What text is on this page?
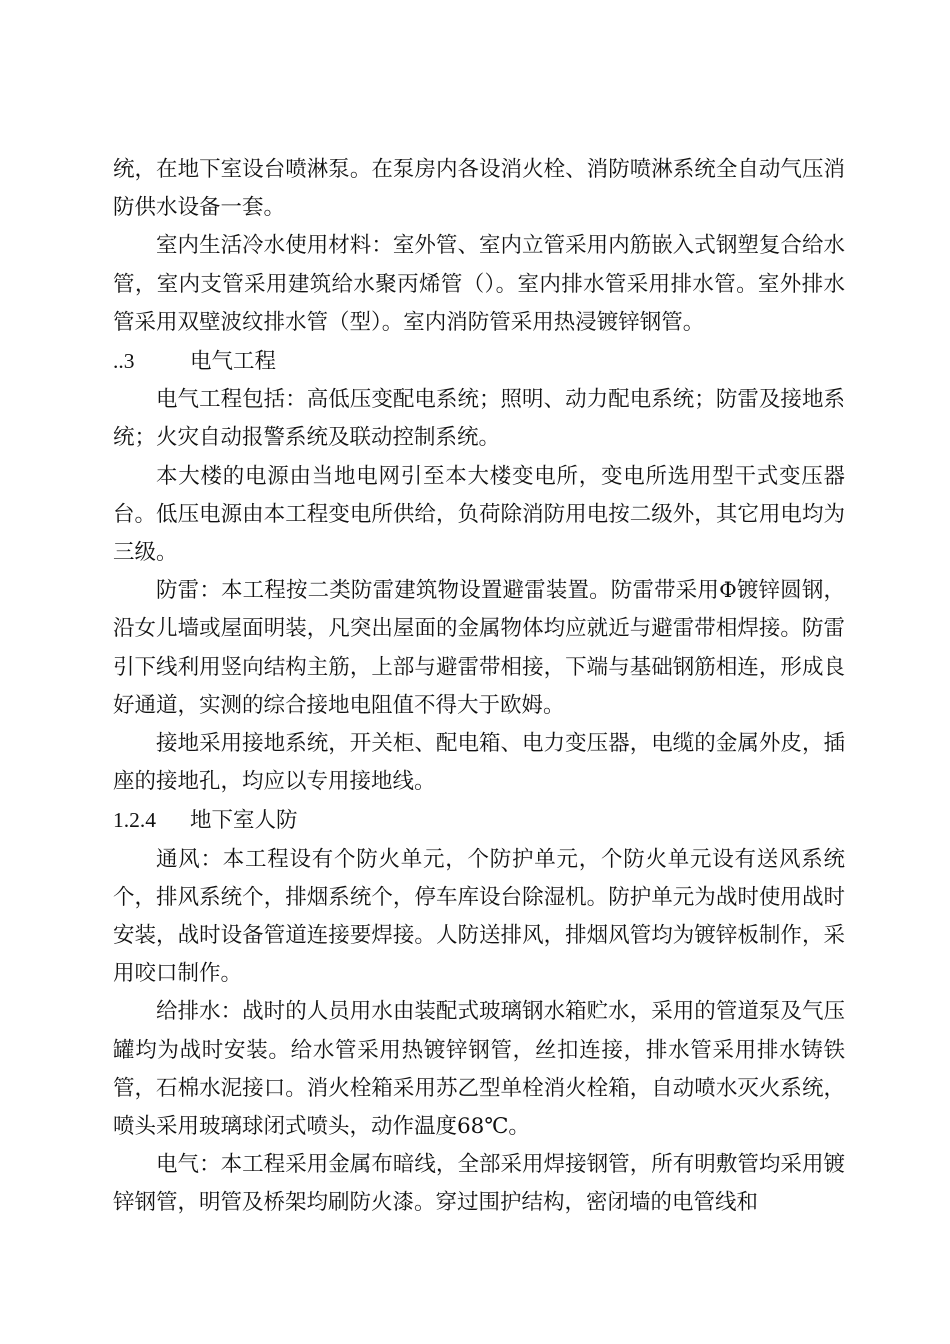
统，在地下室设台喷淋泵。在泵房内各设消火栓、消防喷淋系统全自动气压消防供水设备一套。

室内生活冷水使用材料：室外管、室内立管采用内筋嵌入式钢塑复合给水管，室内支管采用建筑给水聚丙烯管（）。室内排水管采用排水管。室外排水管采用双壁波纹排水管（型）。室内消防管采用热浸镀锌钢管。

..3	电气工程

电气工程包括：高低压变配电系统；照明、动力配电系统；防雷及接地系统；火灾自动报警系统及联动控制系统。

本大楼的电源由当地电网引至本大楼变电所，变电所选用型干式变压器台。低压电源由本工程变电所供给，负荷除消防用电按二级外，其它用电均为三级。

防雷：本工程按二类防雷建筑物设置避雷装置。防雷带采用Φ镀锌圆钢，沿女儿墙或屋面明装，凡突出屋面的金属物体均应就近与避雷带相焊接。防雷引下线利用竖向结构主筋，上部与避雷带相接，下端与基础钢筋相连，形成良好通道，实测的综合接地电阻值不得大于欧姆。

接地采用接地系统，开关柜、配电箱、电力变压器，电缆的金属外皮，插座的接地孔，均应以专用接地线。

1.2.4 地下室人防

通风：本工程设有个防火单元，个防护单元，个防火单元设有送风系统个，排风系统个，排烟系统个，停车库设台除湿机。防护单元为战时使用战时安装，战时设备管道连接要焊接。人防送排风，排烟风管均为镀锌板制作，采用咬口制作。

给排水：战时的人员用水由装配式玻璃钢水箱贮水，采用的管道泵及气压罐均为战时安装。给水管采用热镀锌钢管，丝扣连接，排水管采用排水铸铁管，石棉水泥接口。消火栓箱采用苏乙型单栓消火栓箱，自动喷水灭火系统，喷头采用玻璃球闭式喷头，动作温度68℃。

电气：本工程采用金属布暗线，全部采用焊接钢管，所有明敷管均采用镀锌钢管，明管及桥架均刷防火漆。穿过围护结构，密闭墙的电管线和
